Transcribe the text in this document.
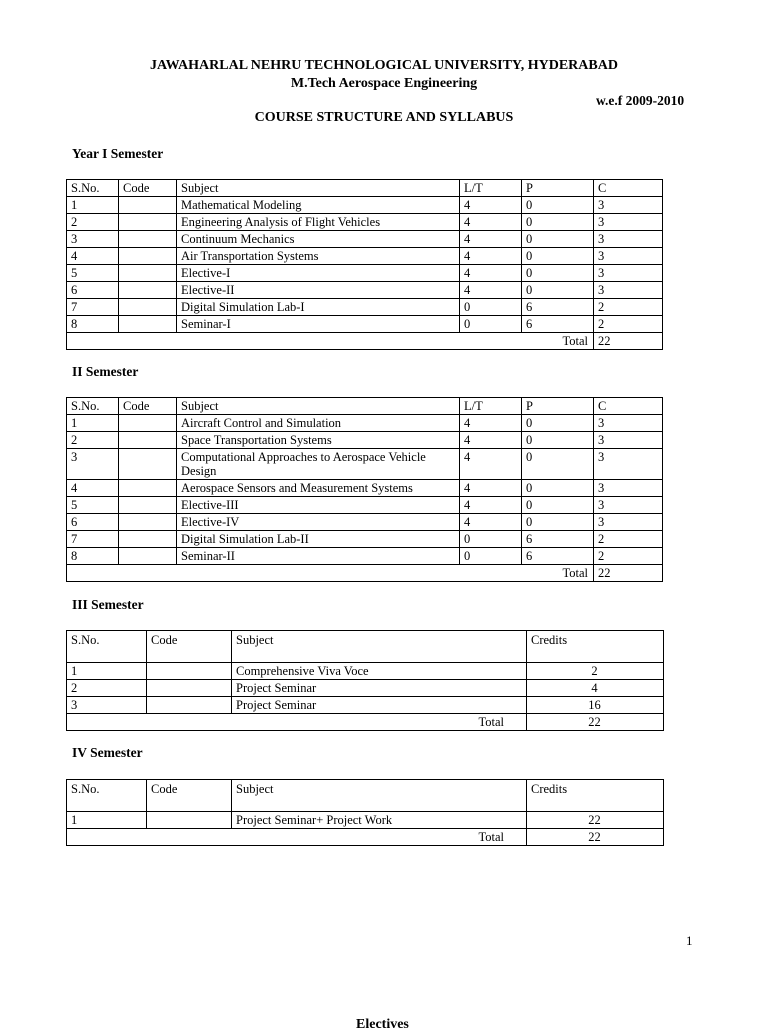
JAWAHARLAL NEHRU TECHNOLOGICAL UNIVERSITY, HYDERABAD
M.Tech Aerospace Engineering
w.e.f 2009-2010
COURSE STRUCTURE AND SYLLABUS
Year I Semester
S.No.	Code	Subject	L/T	P	C
1		Mathematical Modeling	4	0	3
2		Engineering Analysis of Flight Vehicles	4	0	3
3		Continuum Mechanics	4	0	3
4		Air Transportation Systems	4	0	3
5		Elective-I	4	0	3
6		Elective-II	4	0	3
7		Digital Simulation Lab-I	0	6	2
8		Seminar-I	0	6	2
Total					22
II Semester
S.No.	Code	Subject	L/T	P	C
1		Aircraft Control and Simulation	4	0	3
2		Space Transportation Systems	4	0	3
3		Computational Approaches to Aerospace Vehicle Design	4	0	3
4		Aerospace Sensors and Measurement Systems	4	0	3
5		Elective-III	4	0	3
6		Elective-IV	4	0	3
7		Digital Simulation Lab-II	0	6	2
8		Seminar-II	0	6	2
Total					22
III Semester
S.No.	Code	Subject	Credits
1		Comprehensive Viva Voce	2
2		Project Seminar	4
3		Project Seminar	16
Total			22
IV Semester
S.No.	Code	Subject	Credits
1		Project Seminar+ Project Work	22
Total			22
1
Electives
